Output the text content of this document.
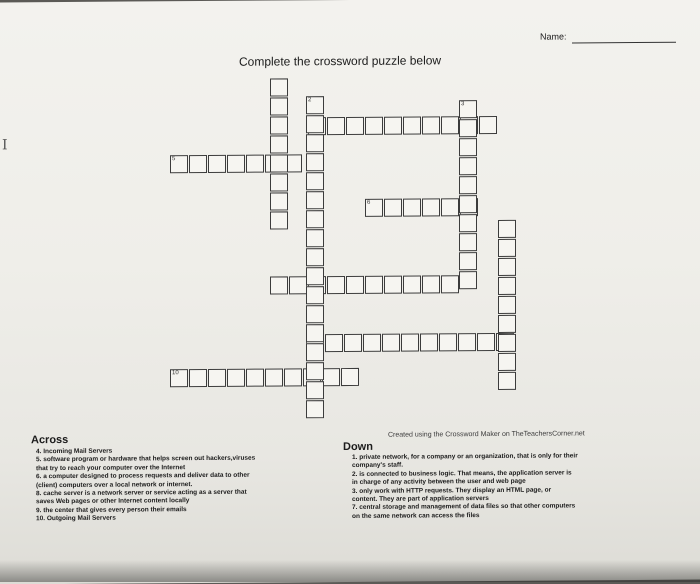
Name:
I
Complete the crossword puzzle below
5
6
10
2
3
Created using the Crossword Maker on TheTeachersCorner.net
Across
4. Incoming Mail Servers
5. software program or hardware that helps screen out hackers,viruses
that try to reach your computer over the Internet
6. a computer designed to process requests and deliver data to other
(client) computers over a local network or internet.
8. cache server is a network server or service acting as a server that
saves Web pages or other Internet content locally
9. the center that gives every person their emails
10. Outgoing Mail Servers
Down
1. private network, for a company or an organization, that is only for their
company's staff.
2. is connected to business logic. That means, the application server is
in charge of any activity between the user and web page
3. only work with HTTP requests. They display an HTML page, or
content. They are part of application servers
7. central storage and management of data files so that other computers
on the same network can access the files
